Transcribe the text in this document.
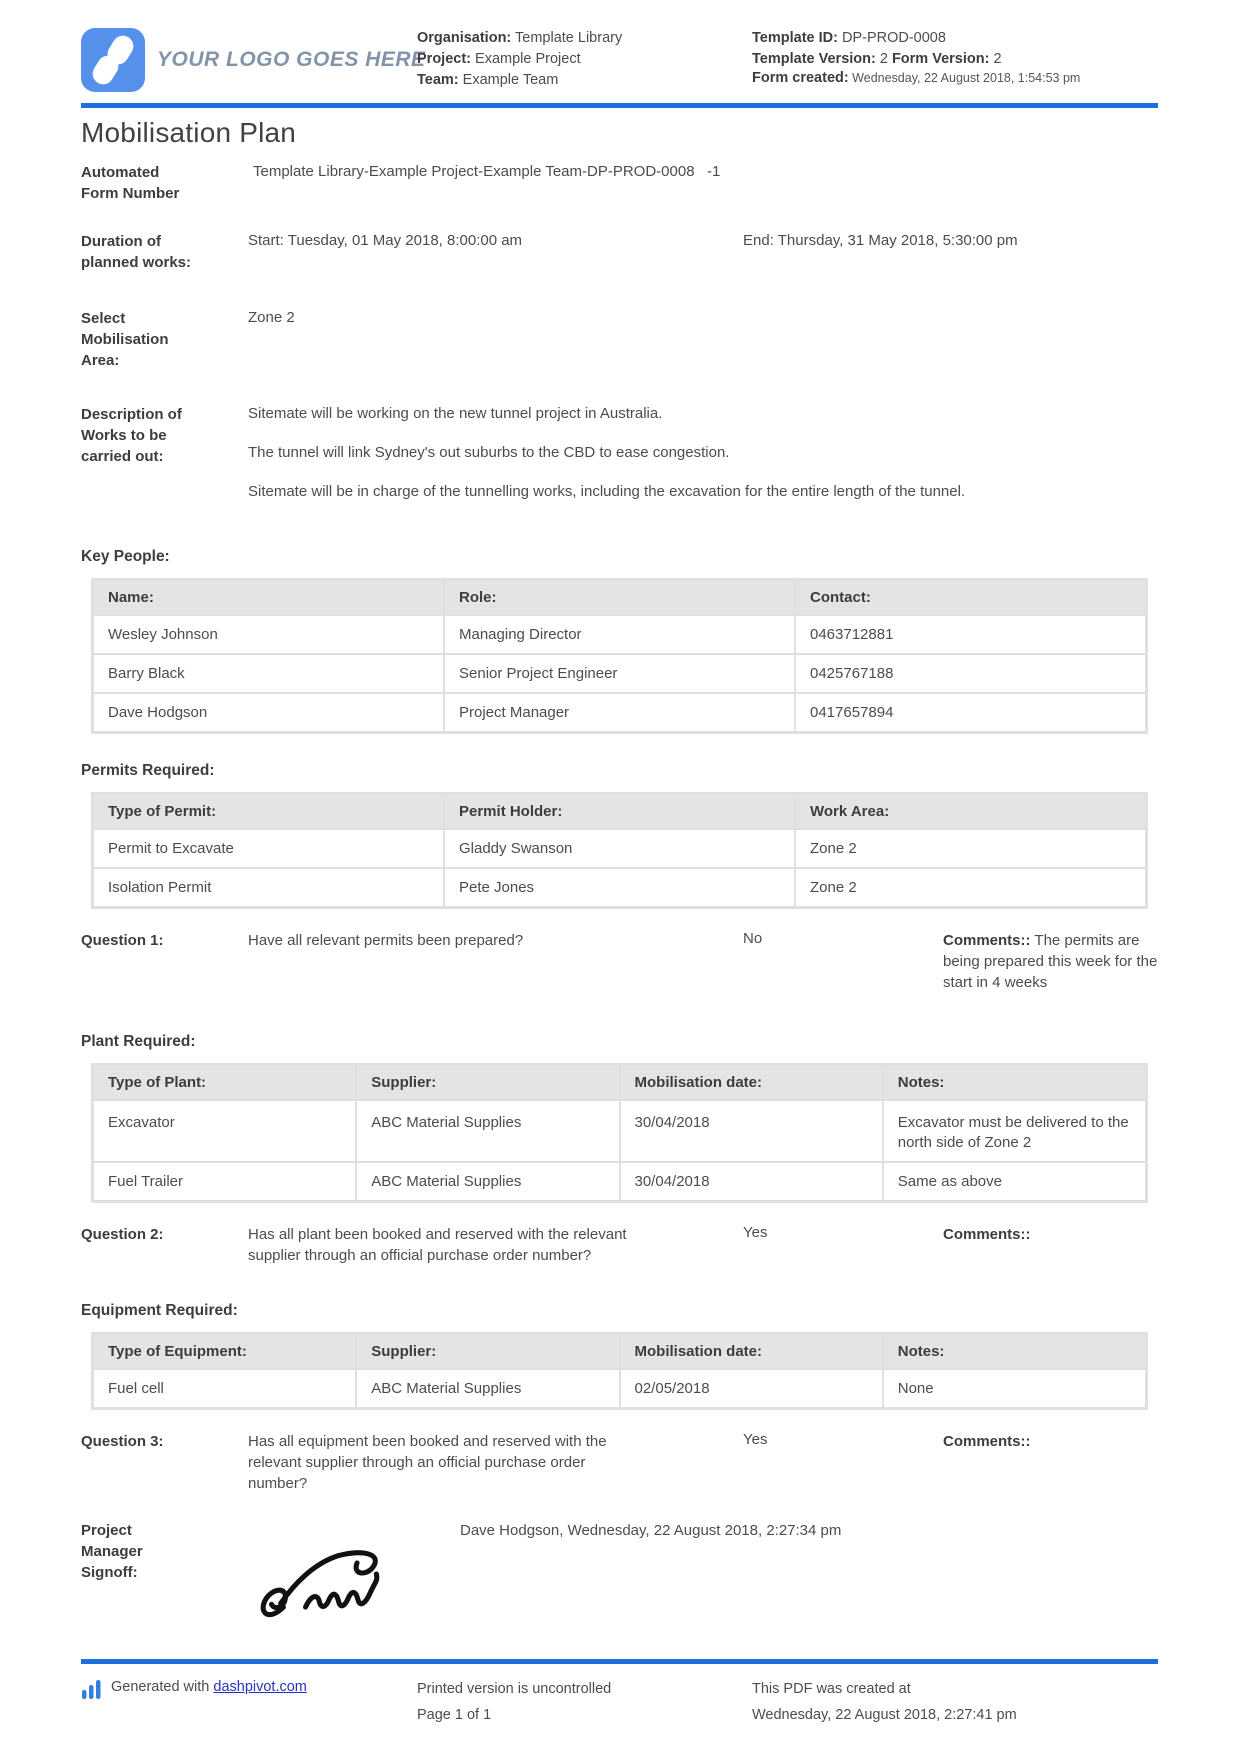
YOUR LOGO GOES HERE

Organisation: Template Library

Project: Example Project

Team: Example Team

Template ID: DP-PROD-0008

Template Version: 2 Form Version: 2

Form created: Wednesday, 22 August 2018, 1:54:53 pm

Mobilisation Plan
Automated Form Number
Template Library-Example Project-Example Team-DP-PROD-0008   -1
Duration of planned works:
Start: Tuesday, 01 May 2018, 8:00:00 am	End: Thursday, 31 May 2018, 5:30:00 pm
Select Mobilisation Area:
Zone 2
Description of Works to be carried out:

Sitemate will be working on the new tunnel project in Australia.

The tunnel will link Sydney's out suburbs to the CBD to ease congestion.

Sitemate will be in charge of the tunnelling works, including the excavation for the entire length of the tunnel.

Key People:
Name:	Role:	Contact:
Wesley Johnson	Managing Director	0463712881
Barry Black	Senior Project Engineer	0425767188
Dave Hodgson	Project Manager	0417657894
Permits Required:
Type of Permit:	Permit Holder:	Work Area:
Permit to Excavate	Gladdy Swanson	Zone 2
Isolation Permit	Pete Jones	Zone 2
Question 1:	Have all relevant permits been prepared?	No	Comments:: The permits are being prepared this week for the start in 4 weeks
Plant Required:
Type of Plant:	Supplier:	Mobilisation date:	Notes:
Excavator	ABC Material Supplies	30/04/2018	Excavator must be delivered to the north side of Zone 2
Fuel Trailer	ABC Material Supplies	30/04/2018	Same as above
Question 2:	Has all plant been booked and reserved with the relevant supplier through an official purchase order number?
Yes	Comments::
Equipment Required:
Type of Equipment:	Supplier:	Mobilisation date:	Notes:
Fuel cell	ABC Material Supplies	02/05/2018	None
Question 3:	Has all equipment been booked and reserved with the relevant supplier through an official purchase order number?
Yes	Comments::
Project Manager Signoff:
Dave Hodgson, Wednesday, 22 August 2018, 2:27:34 pm

Generated with dashpivot.com	Printed version is uncontrolled

Page 1 of 1

This PDF was created at

Wednesday, 22 August 2018, 2:27:41 pm
